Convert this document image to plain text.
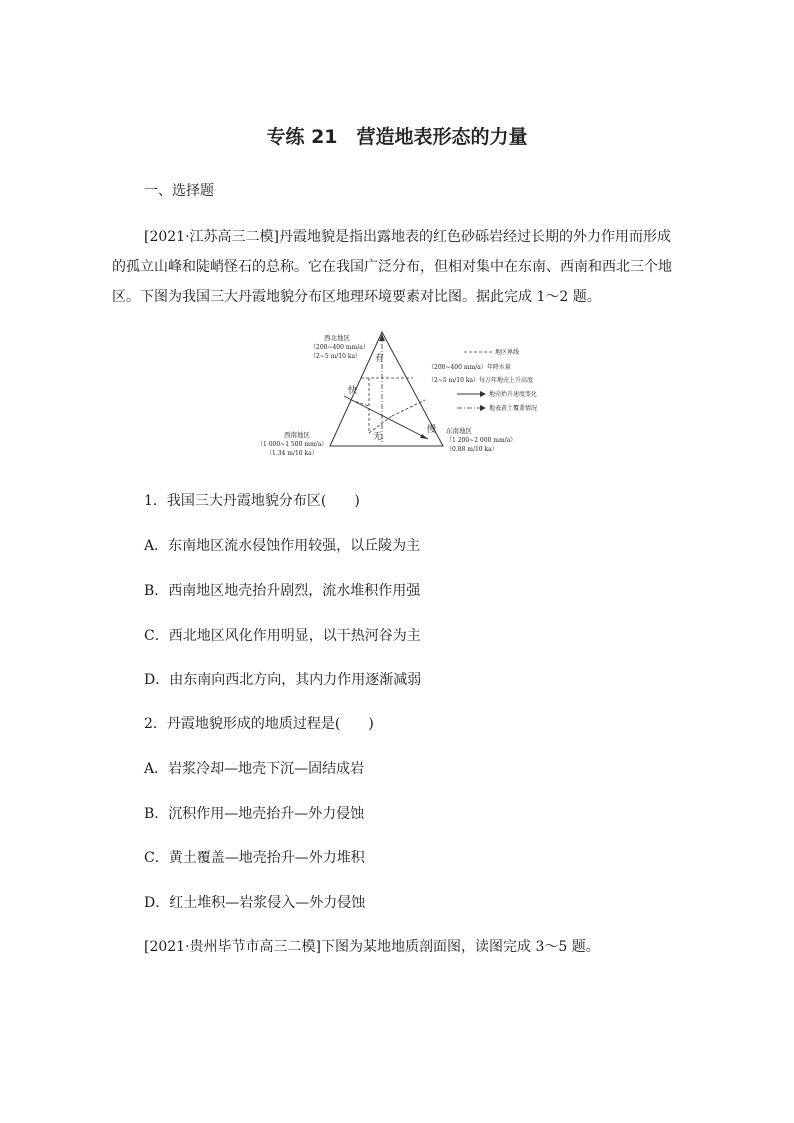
专练 21　营造地表形态的力量
一、选择题
[2021·江苏高三二模]丹霞地貌是指出露地表的红色砂砾岩经过长期的外力作用而形成的孤立山峰和陡峭怪石的总称。它在我国广泛分布，但相对集中在东南、西南和西北三个地区。下图为我国三大丹霞地貌分布区地理环境要素对比图。据此完成 1～2 题。
有
快
慢
无
西北地区
（200~400 mm/a）
（2~5 m/10 ka）
西南地区
（1 000~1 500 mm/a）
（1.34 m/10 ka）
东南地区
（1 200~2 000 mm/a）
（0.88 m/10 ka）
地区界线
（200~400 mm/a）年降水量
（2~5 m/10 ka）每万年地壳上升高度
地壳抬升速度变化
地表黄土覆盖情况
1．我国三大丹霞地貌分布区(　　)
A．东南地区流水侵蚀作用较强，以丘陵为主
B．西南地区地壳抬升剧烈，流水堆积作用强
C．西北地区风化作用明显，以干热河谷为主
D．由东南向西北方向，其内力作用逐渐减弱
2．丹霞地貌形成的地质过程是(　　)
A．岩浆冷却—地壳下沉—固结成岩
B．沉积作用—地壳抬升—外力侵蚀
C．黄土覆盖—地壳抬升—外力堆积
D．红土堆积—岩浆侵入—外力侵蚀
[2021·贵州毕节市高三二模]下图为某地地质剖面图，读图完成 3～5 题。
